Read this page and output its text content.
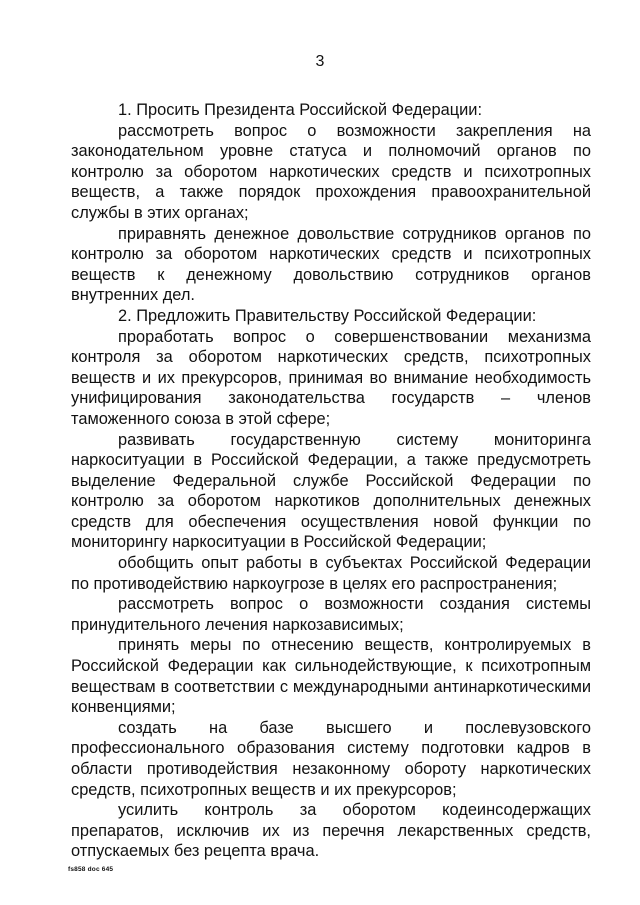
3

1. Просить Президента Российской Федерации:

рассмотреть вопрос о возможности закрепления на законодательном уровне статуса и полномочий органов по контролю за оборотом наркотических средств и психотропных веществ, а также порядок прохождения правоохранительной службы в этих органах;

приравнять денежное довольствие сотрудников органов по контролю за оборотом наркотических средств и психотропных веществ к денежному довольствию сотрудников органов внутренних дел.

2. Предложить Правительству Российской Федерации:

проработать вопрос о совершенствовании механизма контроля за оборотом наркотических средств, психотропных веществ и их прекурсоров, принимая во внимание необходимость унифицирования законодательства государств – членов таможенного союза в этой сфере;

развивать государственную систему мониторинга наркоситуации в Российской Федерации, а также предусмотреть выделение Федеральной службе Российской Федерации по контролю за оборотом наркотиков дополнительных денежных средств для обеспечения осуществления новой функции по мониторингу наркоситуации в Российской Федерации;

обобщить опыт работы в субъектах Российской Федерации по противодействию наркоугрозе в целях его распространения;

рассмотреть вопрос о возможности создания системы принудительного лечения наркозависимых;

принять меры по отнесению веществ, контролируемых в Российской Федерации как сильнодействующие, к психотропным веществам в соответствии с международными антинаркотическими конвенциями;

создать на базе высшего и послевузовского профессионального образования систему подготовки кадров в области противодействия незаконному обороту наркотических средств, психотропных веществ и их прекурсоров;

усилить контроль за оборотом кодеинсодержащих препаратов, исключив их из перечня лекарственных средств, отпускаемых без рецепта врача.

fs858 doc 645
